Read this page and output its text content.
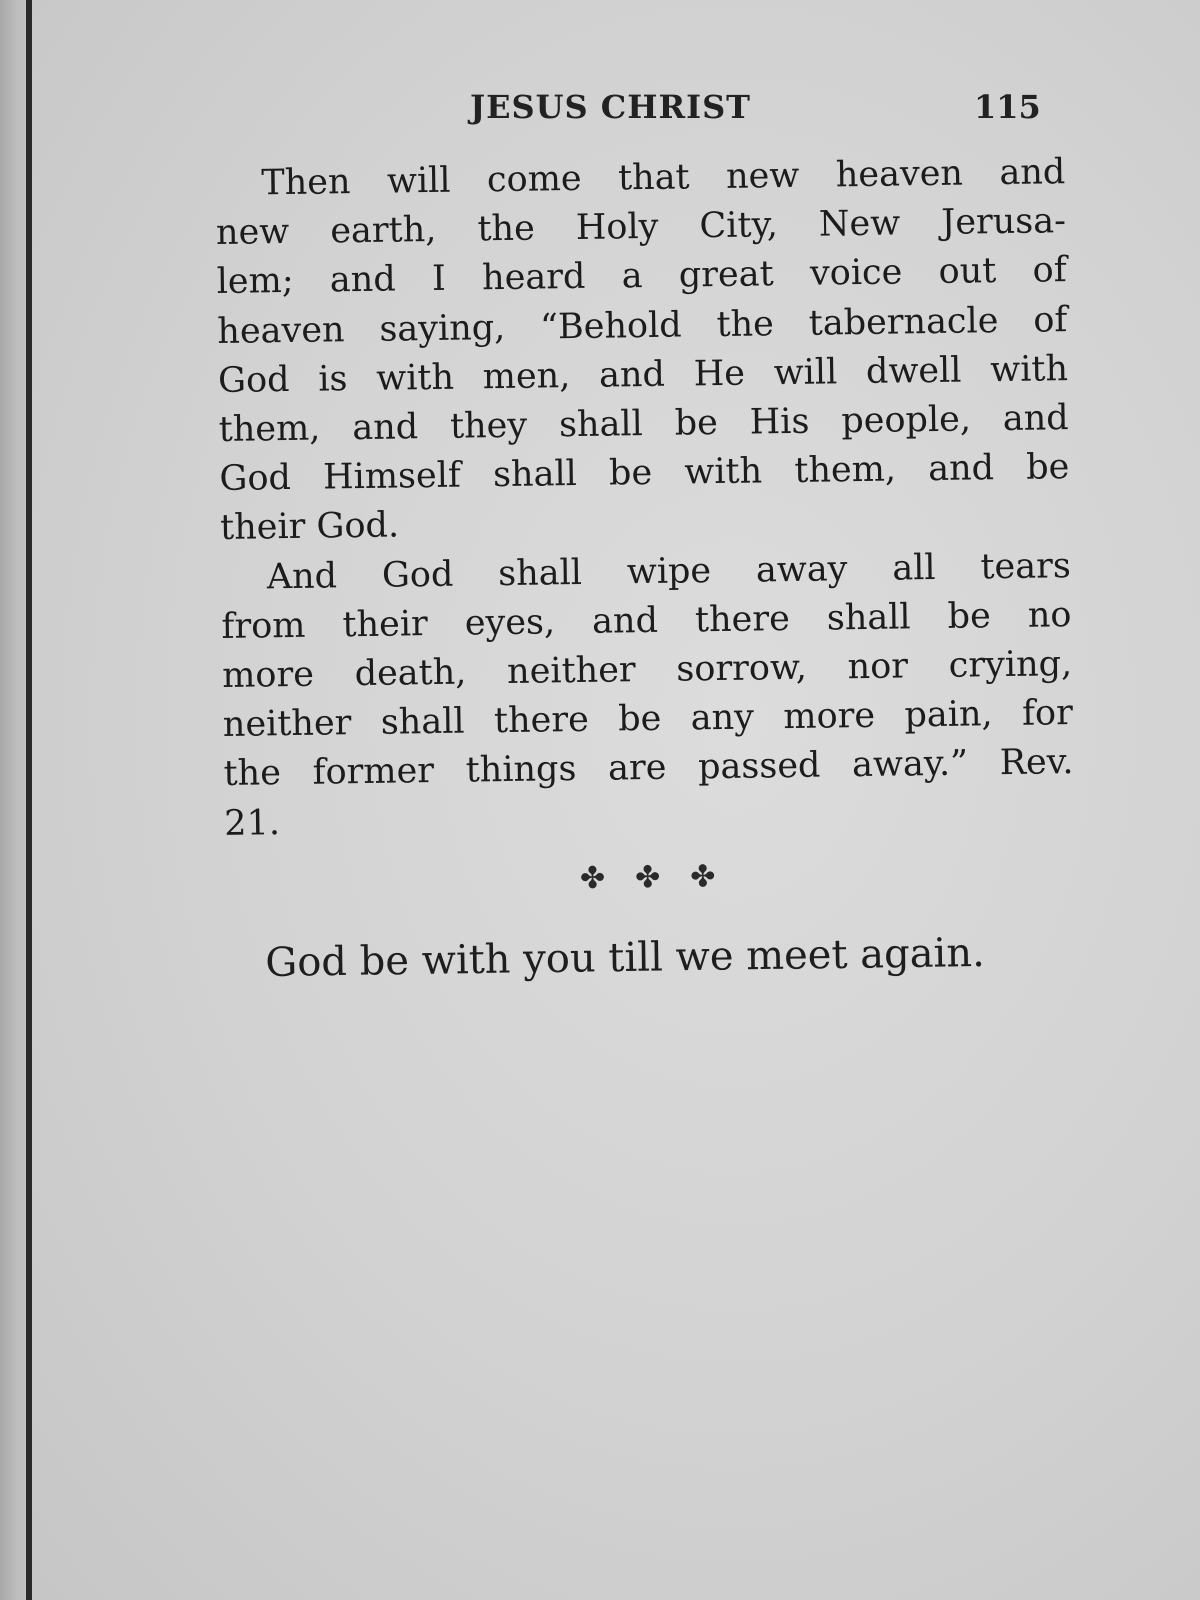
JESUS CHRIST	115
Then will come that new heaven and
new earth, the Holy City, New Jerusa-
lem; and I heard a great voice out of
heaven saying, “Behold the tabernacle of
God is with men, and He will dwell with
them, and they shall be His people, and
God Himself shall be with them, and be
their God.
And God shall wipe away all tears
from their eyes, and there shall be no
more death, neither sorrow, nor crying,
neither shall there be any more pain, for
the former things are passed away.” Rev.
21.
✤✤✤
God be with you till we meet again.
